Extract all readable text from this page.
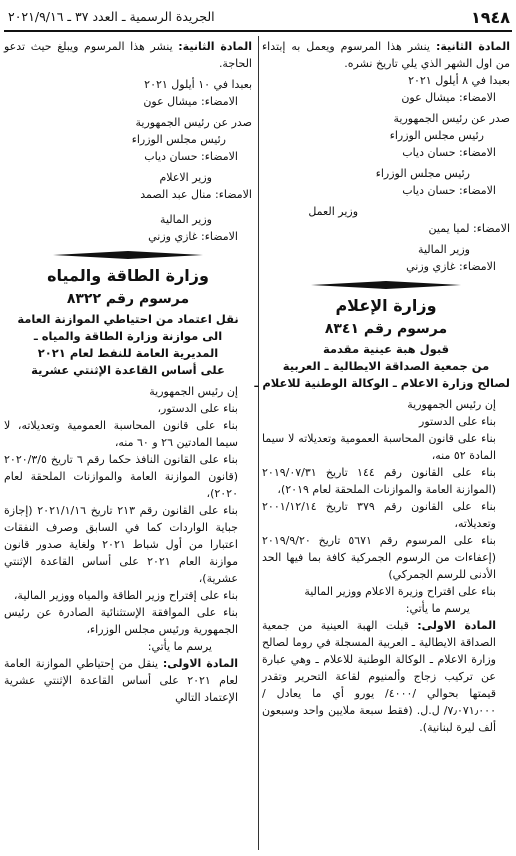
١٩٤٨
الجريدة الرسمية ـ العدد ٣٧ ـ ٢٠٢١/٩/١٦

المادة الثانية: ينشر هذا المرسوم ويعمل به إبتداء من اول الشهر الذي يلي تاريخ نشره.

بعبدا في ٨ أيلول ٢٠٢١

الامضاء: ميشال عون

صدر عن رئيس الجمهورية

رئيس مجلس الوزراء

الامضاء: حسان دياب

رئيس مجلس الوزراء

الامضاء: حسان دياب

وزير العمل

الامضاء: لميا يمين

وزير المالية

الامضاء: غازي وزني

وزارة الإعلام
مرسوم رقم ٨٣٤١

قبول هبة عينية مقدمة

من جمعية الصداقة الايطالية ـ العربية

لصالح وزارة الاعلام ـ الوكالة الوطنية للاعلام ـ

إن رئيس الجمهورية

بناء على الدستور

بناء على قانون المحاسبة العمومية وتعديلاته لا سيما المادة ٥٢ منه،

بناء على القانون رقم ١٤٤ تاريخ ٢٠١٩/٠٧/٣١ (الموازنة العامة والموازنات الملحقة لعام ٢٠١٩)،

بناء على القانون رقم ٣٧٩ تاريخ ٢٠٠١/١٢/١٤ وتعديلاته،

بناء على المرسوم رقم ٥٦٧١ تاريخ ٢٠١٩/٩/٢٠ (إعفاءات من الرسوم الجمركية كافة بما فيها الحد الأدنى للرسم الجمركي)

بناء على اقتراح وزيرة الاعلام ووزير المالية

يرسم ما يأتي:

المادة الاولى: قبلت الهبة العينية من جمعية الصداقة الايطالية ـ العربية المسجلة في روما لصالح وزارة الاعلام ـ الوكالة الوطنية للاعلام ـ وهي عبارة عن تركيب زجاج وألمنيوم لقاعة التحرير وتقدر قيمتها بحوالي /٤٠٠٠/ يورو أي ما يعادل /٧٫٠٧١٫٠٠٠/ ل.ل. (فقط سبعة ملايين واحد وسبعون ألف ليرة لبنانية).

المادة الثانية: ينشر هذا المرسوم ويبلغ حيث تدعو الحاجة.

بعبدا في ١٠ أيلول ٢٠٢١

الامضاء: ميشال عون

صدر عن رئيس الجمهورية

رئيس مجلس الوزراء

الامضاء: حسان دياب

وزير الاعلام

الامضاء: منال عبد الصمد

وزير المالية

الامضاء: غازي وزني

وزارة الطاقة والمياه
مرسوم رقم ٨٣٢٢

نقل اعتماد من احتياطي الموازنة العامة

الى موازنة وزارة الطاقة والمياه ـ

المديرية العامة للنفط لعام ٢٠٢١

على أساس القاعدة الإثنتي عشرية

إن رئيس الجمهورية

بناء على الدستور،

بناء على قانون المحاسبة العمومية وتعديلاته، لا سيما المادتين ٢٦ و ٦٠ منه،

بناء على القانون النافذ حكما رقم ٦ تاريخ ٢٠٢٠/٣/٥ (قانون الموازنة العامة والموازنات الملحقة لعام ٢٠٢٠)،

بناء على القانون رقم ٢١٣ تاريخ ٢٠٢١/١/١٦ (إجازة جباية الواردات كما في السابق وصرف النفقات اعتبارا من أول شباط ٢٠٢١ ولغاية صدور قانون موازنة العام ٢٠٢١ على أساس القاعدة الإثنتي عشرية)،

بناء على إقتراح وزير الطاقة والمياه ووزير المالية،

بناء على الموافقة الإستثنائية الصادرة عن رئيس الجمهورية ورئيس مجلس الوزراء،

يرسم ما يأتي:

المادة الاولى: ينقل من إحتياطي الموازنة العامة لعام ٢٠٢١ على أساس القاعدة الإثنتي عشرية الإعتماد التالي
